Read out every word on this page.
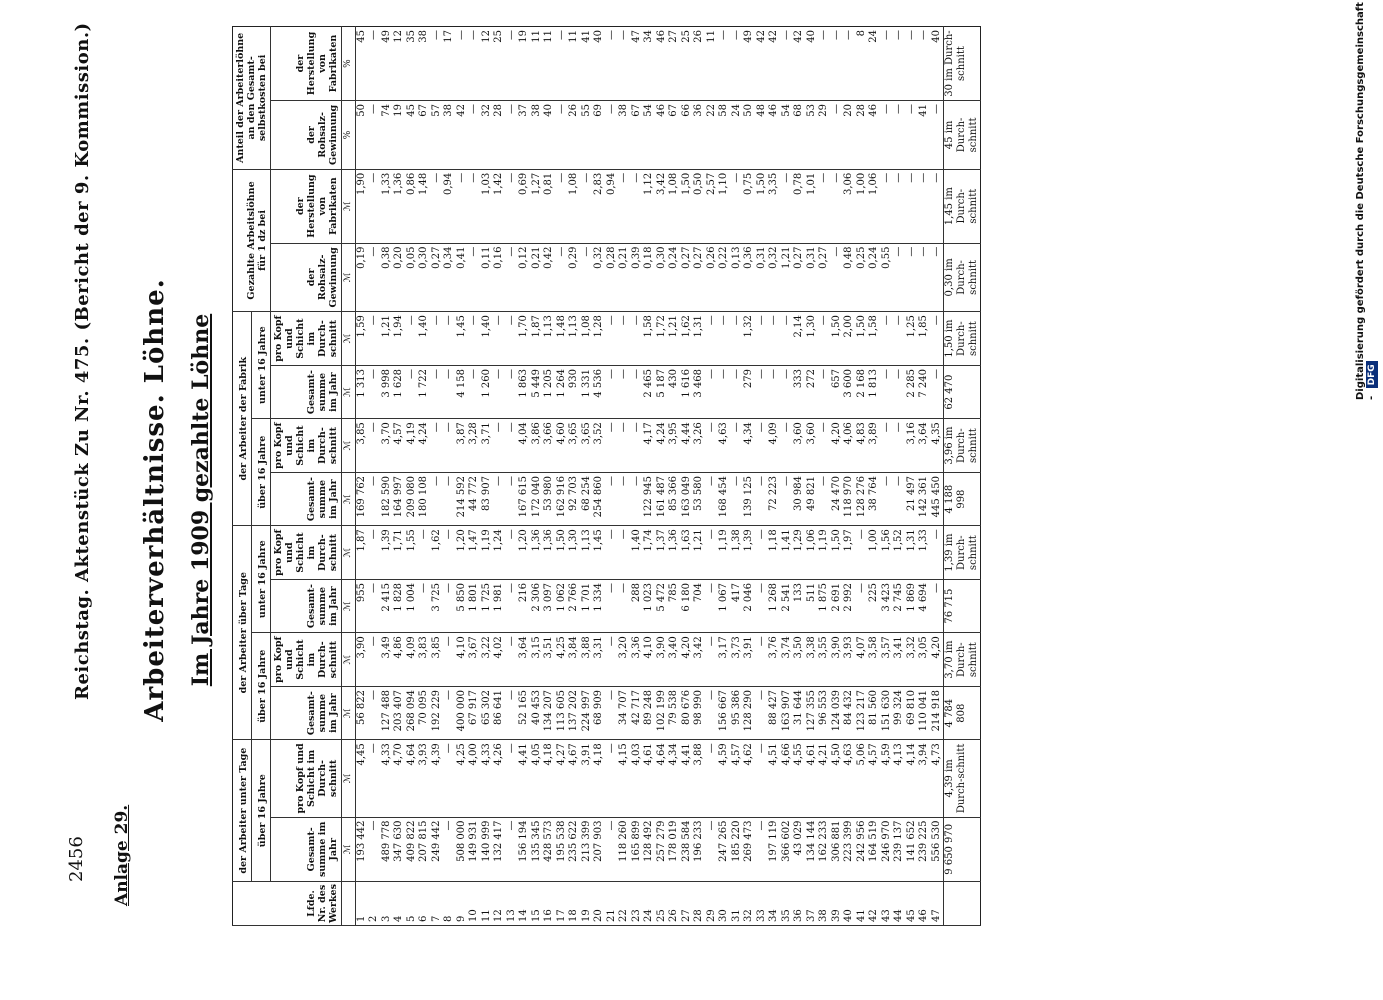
2456
Reichstag. Aktenstück Zu Nr. 475. (Bericht der 9. Kommission.)
Anlage 29.
Arbeiterverhältnisse. Löhne. Im Jahre 1909 gezahlte Löhne
Lfde. Nr. des Werkes	der Arbeiter unter Tage		der Arbeiter über Tage				der Arbeiter der Fabrik				Gezahlte Arbeitslöhne für 1 dz bei		Anteil der Arbeiterlöhne an den Gesamt-selbstkosten bei	
	über 16 Jahre		über 16 Jahre		unter 16 Jahre		über 16 Jahre		unter 16 Jahre					
	Gesamt-summe im Jahr	pro Kopf und Schicht im Durch-schnitt	Gesamt-summe im Jahr	pro Kopf und Schicht im Durch-schnitt	Gesamt-summe im Jahr	pro Kopf und Schicht im Durch-schnitt	Gesamt-summe im Jahr	pro Kopf und Schicht im Durch-schnitt	Gesamt-summe im Jahr	pro Kopf und Schicht im Durch-schnitt	der Rohsalz-Gewinnung	der Herstellung von Fabrikaten	der Rohsalz-Gewinnung	der Herstellung von Fabrikaten
	ℳ	ℳ	ℳ	ℳ	ℳ	ℳ	ℳ	ℳ	ℳ	ℳ	ℳ	ℳ	%	%
1	193 442	4,45	56 822	3,90	955	1,87	169 762	3,85	1 313	1,59	0,19	1,90	50	45
2	—	—	—	—	—	—	—	—	—	—	—	—	—	—
3	489 778	4,33	127 488	3,49	2 415	1,39	182 590	3,70	3 998	1,21	0,38	1,33	74	49
4	347 630	4,70	203 407	4,86	1 828	1,71	164 997	4,57	1 628	1,94	0,20	1,36	19	12
5	409 822	4,64	268 094	4,09	1 004	1,55	209 080	4,19	—	—	0,05	0,86	45	35
6	207 815	3,93	70 095	3,83	—	—	180 108	4,24	1 722	1,40	0,30	1,48	67	38
7	249 442	4,39	192 229	3,85	3 725	1,62	—	—	—	—	0,27	—	57	—
8	—	—	—	—	—	—	—	—	—	—	0,34	0,94	38	17
9	508 000	4,25	400 000	4,10	5 850	1,20	214 592	3,87	4 158	1,45	0,41	—	42	—
10	149 931	4,00	67 917	3,67	1 801	1,47	44 772	3,28	—	—	—	—	—	—
11	140 999	4,33	65 302	3,22	1 725	1,19	83 907	3,71	1 260	1,40	0,11	1,03	32	12
12	132 417	4,26	86 641	4,02	1 981	1,24	—	—	—	—	0,16	1,42	28	25
13	—	—	—	—	—	—	—	—	—	—	—	—	—	—
14	156 194	4,41	52 165	3,64	216	1,20	167 615	4,04	1 863	1,70	0,12	0,69	37	19
15	135 345	4,05	40 453	3,15	2 306	1,36	172 040	3,86	5 449	1,87	0,21	1,27	38	11
16	428 573	4,18	134 207	3,51	3 097	1,36	53 980	3,66	1 205	1,13	0,42	0,81	40	11
17	195 538	4,27	113 605	4,25	1 062	1,50	162 916	4,60	1 264	1,48	—	—	—	—
18	235 622	4,67	137 202	3,84	2 766	1,30	92 703	3,65	930	1,13	0,29	1,08	26	11
19	213 399	3,91	224 997	3,88	1 701	1,13	68 254	3,65	1 331	1,08	—	—	55	41
20	207 903	4,18	68 909	3,31	1 334	1,45	254 860	3,52	4 536	1,28	0,32	2,83	69	40
21	—	—	—	—	—	—	—	—	—	—	0,28	0,94	—	—
22	118 260	4,15	34 707	3,20	—	—	—	—	—	—	0,21	—	38	—
23	165 899	4,03	42 717	3,36	288	1,40	—	—	—	—	0,39	—	67	47
24	128 492	4,61	89 248	4,10	1 023	1,74	122 945	4,17	2 465	1,58	0,18	1,12	54	34
25	257 279	4,64	102 199	3,90	5 472	1,37	161 487	4,24	5 187	1,72	0,30	3,42	46	46
26	178 019	4,34	79 538	3,40	785	1,36	85 366	3,95	430	1,21	0,24	1,08	67	27
27	238 584	4,41	80 676	4,20	6 180	1,63	163 049	4,44	1 616	1,62	0,27	1,50	66	25
28	196 233	3,88	98 990	3,42	704	1,21	53 580	3,26	3 468	1,31	0,27	0,50	36	26
29	—	—	—	—	—	—	—	—	—	—	0,26	2,57	22	11
30	247 265	4,59	156 667	3,17	1 067	1,19	168 454	4,63	—	—	0,22	1,10	58	—
31	185 220	4,57	95 386	3,73	417	1,38	—	—	—	—	0,13	—	24	—
32	269 473	4,62	128 290	3,91	2 046	1,39	139 125	4,34	279	1,32	0,36	0,75	50	49
33	—	—	—	—	—	—	—	—	—	—	0,31	1,50	48	42
34	197 119	4,51	88 427	3,76	1 268	1,18	72 223	4,09	—	—	0,32	3,35	46	42
35	366 602	4,66	163 907	3,74	2 541	1,41	—	—	—	—	1,21	—	54	—
36	43 029	4,55	31 644	3,50	133	1,29	30 984	3,60	333	2,14	0,27	0,78	68	42
37	134 144	4,61	127 355	3,38	511	1,06	49 821	3,60	272	1,30	0,31	1,01	53	40
38	162 233	4,21	96 553	3,55	1 875	1,19	—	—	—	—	0,27	—	29	—
39	306 881	4,50	124 039	3,90	2 691	1,50	24 470	4,20	657	1,50	—	—	—	—
40	223 399	4,63	84 432	3,93	2 992	1,97	118 970	4,06	3 600	2,00	0,48	3,06	20	—
41	242 956	5,06	123 217	4,07	—	—	128 276	4,83	2 168	1,50	0,25	1,00	28	8
42	164 519	4,57	81 560	3,58	225	1,00	38 764	3,89	1 813	1,58	0,24	1,06	46	24
43	246 970	4,59	151 630	3,57	3 423	1,56	—	—	—	—	0,55	—	—	—
44	239 137	4,13	99 324	3,41	2 745	1,52	—	—	—	—	—	—	—	—
45	141 652	4,14	69 810	3,32	1 869	1,31	21 497	3,16	2 285	1,25	—	—	—	—
46	239 225	3,94	110 041	3,05	4 694	1,33	142 361	3,64	7 240	1,85	—	—	41	—
47	556 530	4,73	214 918	4,20	—	—	445 450	4,35	—	—	—	—	—	40
	9 650 970	4,39 im Durch-schnitt	4 784 808	3,70 im Durch-schnitt	76 715	1,39 im Durch-schnitt	4 188 998	3,96 im Durch-schnitt	62 470	1,50 im Durch-schnitt	0,30 im Durch-schnitt	1,45 im Durch-schnitt	45 im Durch-schnitt	30 im Durch-schnitt	Digitalisierung gefördert durch die Deutsche Forschungsgemeinschaft - DFG
